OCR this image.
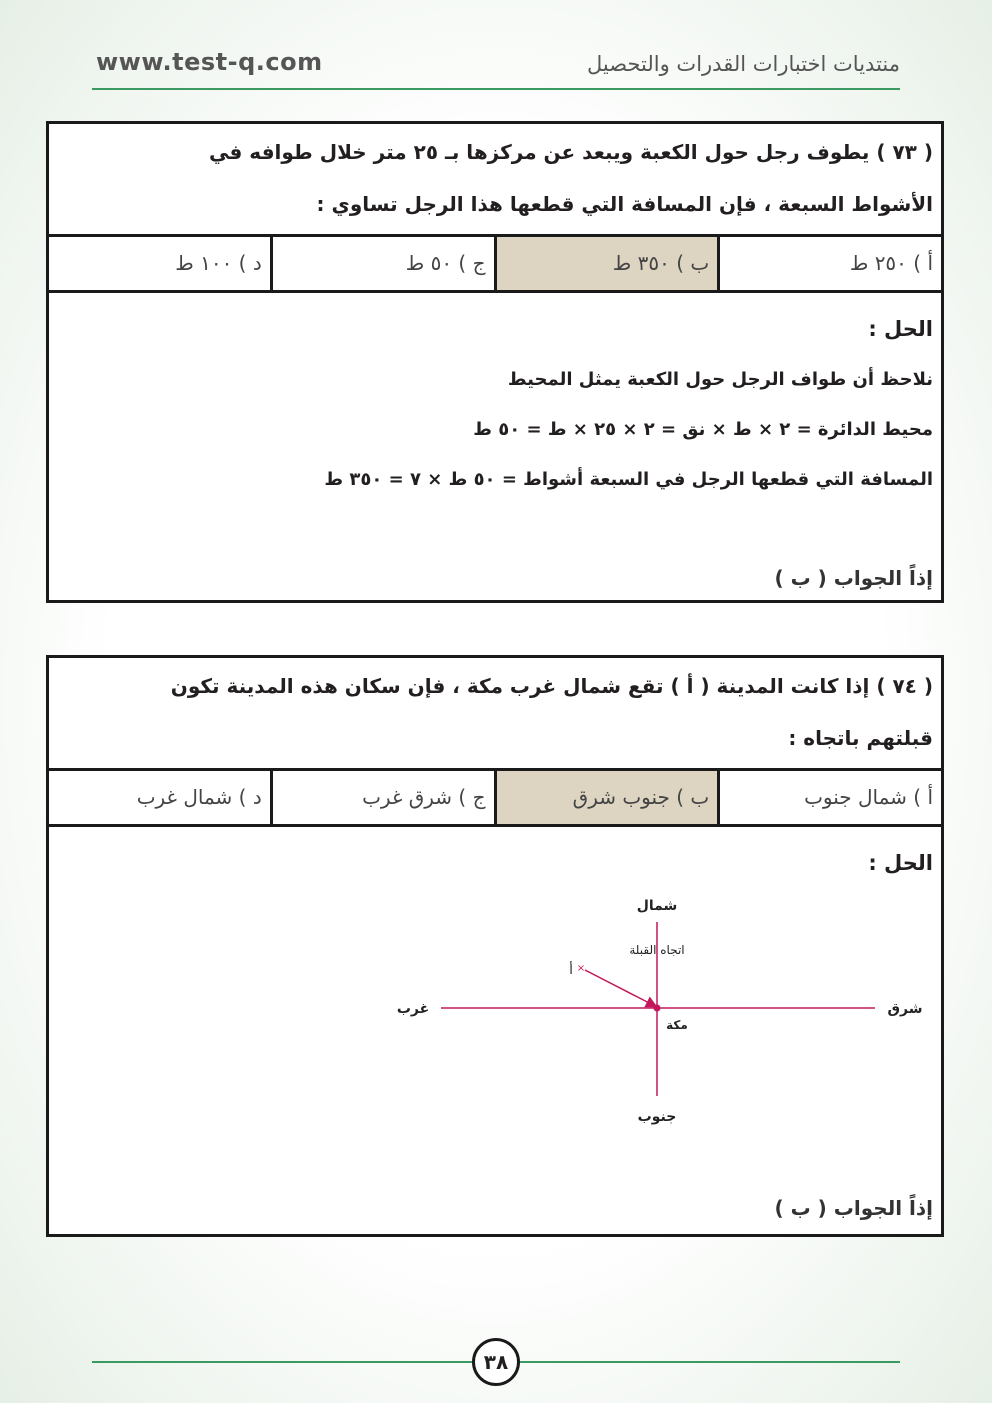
www.test-q.com	منتديات اختبارات القدرات والتحصيل
( ٧٣ ) يطوف رجل حول الكعبة ويبعد عن مركزها بـ ٢٥ متر خلال طوافه في
الأشواط السبعة ، فإن المسافة التي قطعها هذا الرجل تساوي :
أ ) ٢٥٠ ط
ب ) ٣٥٠ ط
ج ) ٥٠ ط
د ) ١٠٠ ط
الحل :
نلاحظ أن طواف الرجل حول الكعبة يمثل المحيط
محيط الدائرة = ٢ × ط × نق = ٢ × ٢٥ × ط = ٥٠ ط
المسافة التي قطعها الرجل في السبعة أشواط = ٥٠ ط × ٧ = ٣٥٠ ط
إذاً الجواب ( ب )
( ٧٤ ) إذا كانت المدينة ( أ ) تقع شمال غرب مكة ، فإن سكان هذه المدينة تكون
قبلتهم باتجاه :
أ ) شمال جنوب
ب ) جنوب شرق
ج ) شرق غرب
د ) شمال غرب
الحل :
شمال
جنوب
شرق
غرب
اتجاه القبلة
أ ×
مكة
إذاً الجواب ( ب )
٣٨
